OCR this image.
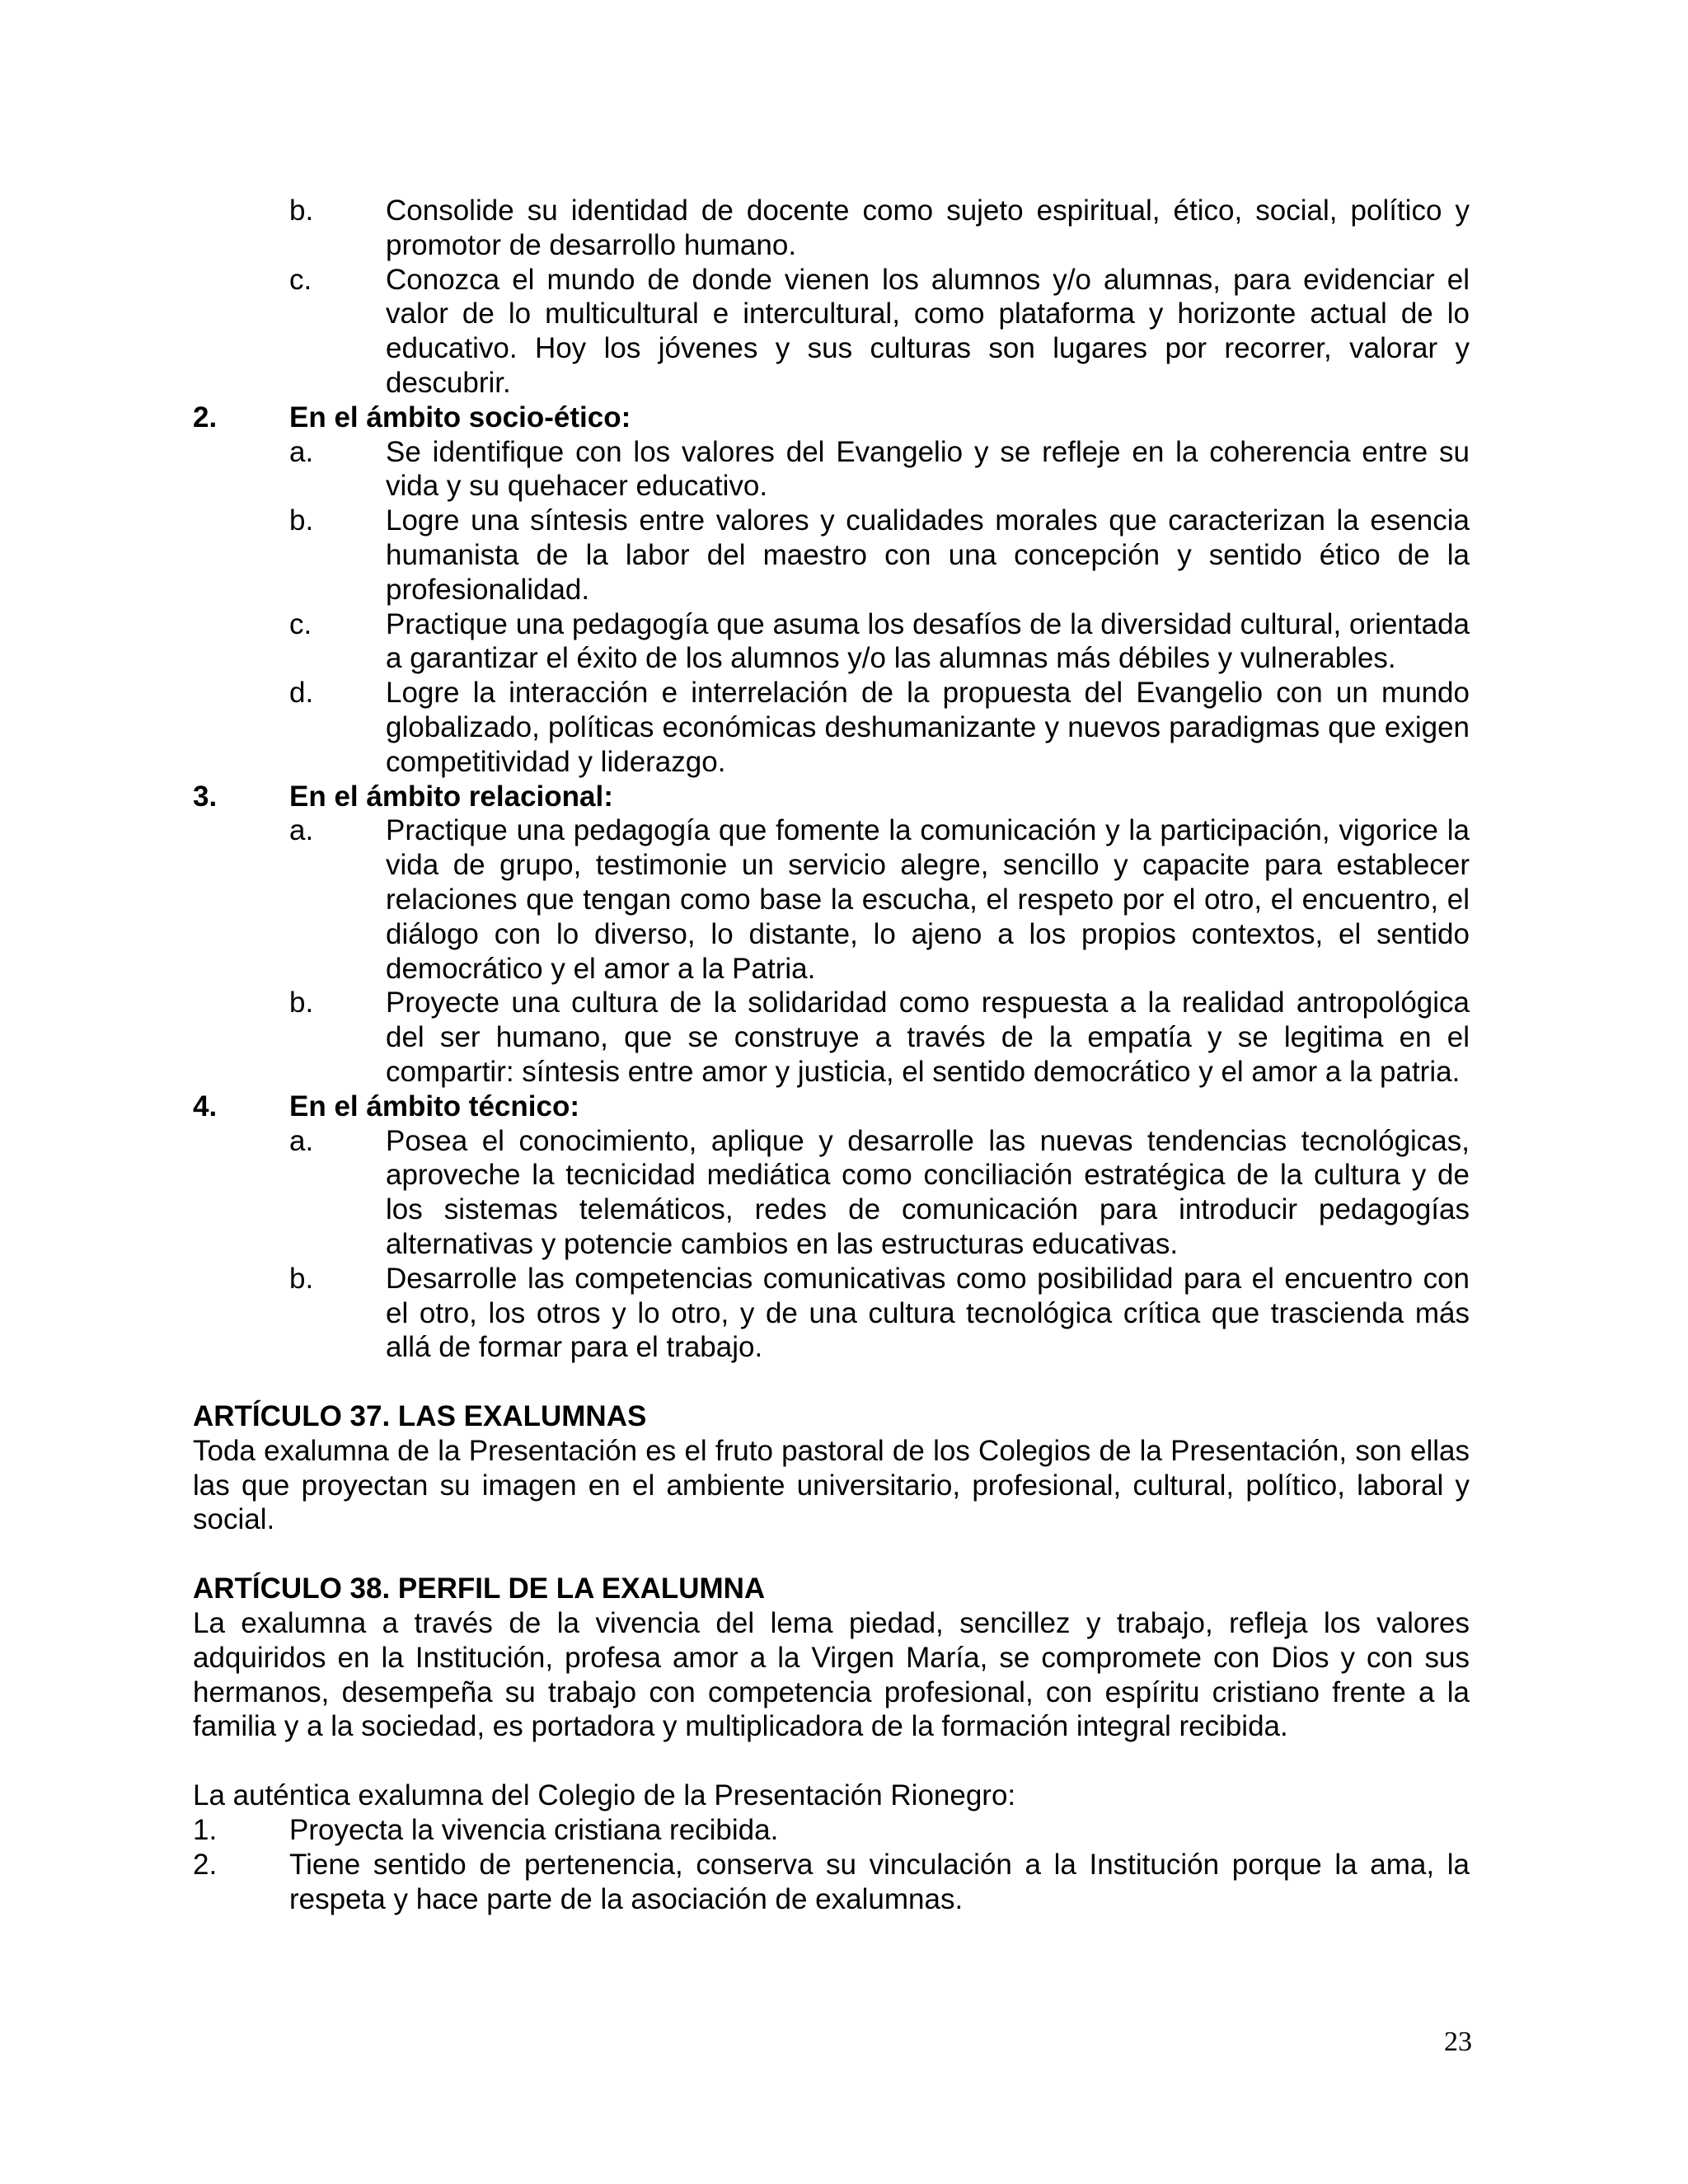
b.	Consolide su identidad de docente como sujeto espiritual, ético, social, político y promotor de desarrollo humano.
c.	Conozca el mundo de donde vienen los alumnos y/o alumnas, para evidenciar el valor de lo multicultural e intercultural, como plataforma y horizonte actual de lo educativo. Hoy los jóvenes y sus culturas son lugares por recorrer, valorar y descubrir.
2.	En el ámbito socio-ético:
a.	Se identifique con los valores del Evangelio y se refleje en la coherencia entre su vida y su quehacer educativo.
b.	Logre una síntesis entre valores y cualidades morales que caracterizan la esencia humanista de la labor del maestro con una concepción y sentido ético de la profesionalidad.
c.	Practique una pedagogía que asuma los desafíos de la diversidad cultural, orientada a garantizar el éxito de los alumnos y/o las alumnas más débiles y vulnerables.
d.	Logre la interacción e interrelación de la propuesta del Evangelio con un mundo globalizado, políticas económicas deshumanizante y nuevos paradigmas que exigen competitividad y liderazgo.
3.	En el ámbito relacional:
a.	Practique una pedagogía que fomente la comunicación y la participación, vigorice la vida de grupo, testimonie un servicio alegre, sencillo y capacite para establecer relaciones que tengan como base la escucha, el respeto por el otro, el encuentro, el diálogo con lo diverso, lo distante, lo ajeno a los propios contextos, el sentido democrático y el amor a la Patria.
b.	Proyecte una cultura de la solidaridad como respuesta a la realidad antropológica del ser humano, que se construye a través de la empatía y se legitima en el compartir: síntesis entre amor y justicia, el sentido democrático y el amor a la patria.
4.	En el ámbito técnico:
a.	Posea el conocimiento, aplique y desarrolle las nuevas tendencias tecnológicas, aproveche la tecnicidad mediática como conciliación estratégica de la cultura y de los sistemas telemáticos, redes de comunicación para introducir pedagogías alternativas y potencie cambios en las estructuras educativas.
b.	Desarrolle las competencias comunicativas como posibilidad para el encuentro con el otro, los otros y lo otro, y de una cultura tecnológica crítica que trascienda más allá de formar para el trabajo.
ARTÍCULO 37. LAS EXALUMNAS
Toda exalumna de la Presentación es el fruto pastoral de los Colegios de la Presentación, son ellas las que proyectan su imagen en el ambiente universitario, profesional, cultural, político, laboral y social.
ARTÍCULO 38. PERFIL DE LA EXALUMNA
La exalumna a través de la vivencia del lema piedad, sencillez y trabajo, refleja los valores adquiridos en la Institución, profesa amor a la Virgen María, se compromete con Dios y con sus hermanos, desempeña su trabajo con competencia profesional, con espíritu cristiano frente a la familia y a la sociedad, es portadora y multiplicadora de la formación integral recibida.
La auténtica exalumna del Colegio de la Presentación Rionegro:
1.	Proyecta la vivencia cristiana recibida.
2.	Tiene sentido de pertenencia, conserva su vinculación a la Institución porque la ama, la respeta y hace parte de la asociación de exalumnas.
23
